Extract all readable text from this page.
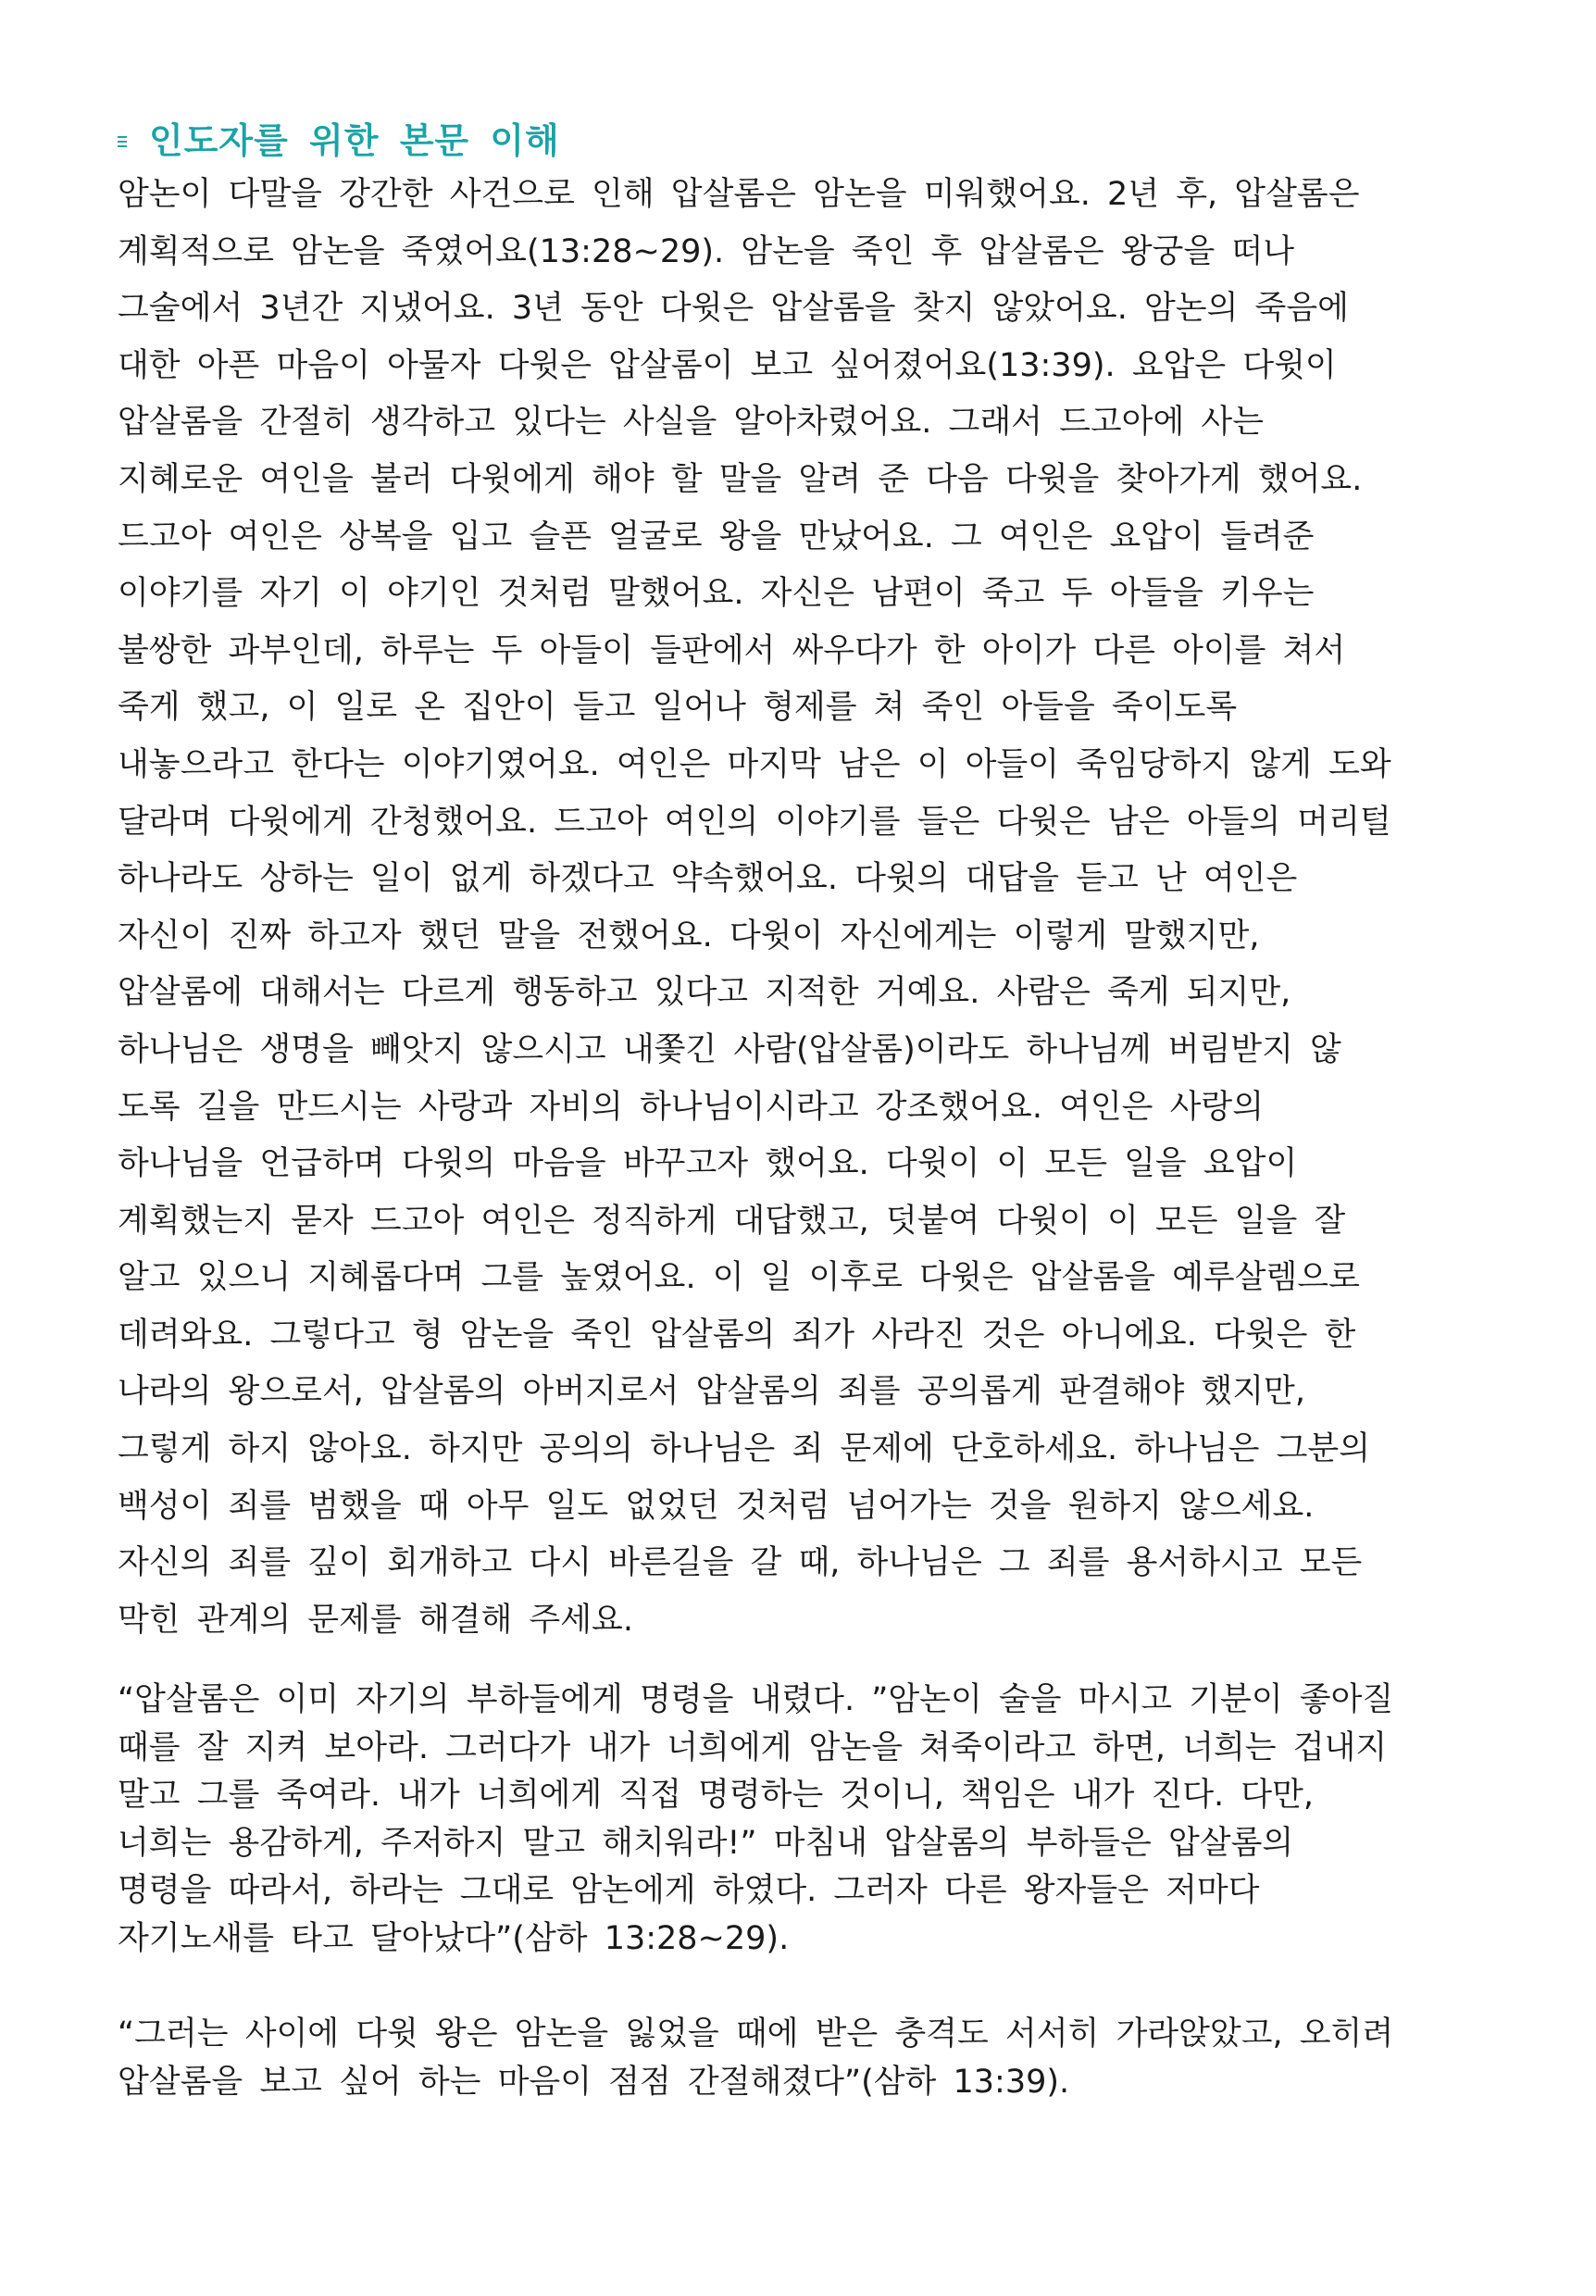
인도자를 위한 본문 이해
암논이 다말을 강간한 사건으로 인해 압살롬은 암논을 미워했어요. 2년 후, 압살롬은
계획적으로 암논을 죽였어요(13:28~29). 암논을 죽인 후 압살롬은 왕궁을 떠나
그술에서 3년간 지냈어요. 3년 동안 다윗은 압살롬을 찾지 않았어요. 암논의 죽음에
대한 아픈 마음이 아물자 다윗은 압살롬이 보고 싶어졌어요(13:39). 요압은 다윗이
압살롬을 간절히 생각하고 있다는 사실을 알아차렸어요. 그래서 드고아에 사는
지혜로운 여인을 불러 다윗에게 해야 할 말을 알려 준 다음 다윗을 찾아가게 했어요.
드고아 여인은 상복을 입고 슬픈 얼굴로 왕을 만났어요. 그 여인은 요압이 들려준
이야기를 자기 이 야기인 것처럼 말했어요. 자신은 남편이 죽고 두 아들을 키우는
불쌍한 과부인데, 하루는 두 아들이 들판에서 싸우다가 한 아이가 다른 아이를 쳐서
죽게 했고, 이 일로 온 집안이 들고 일어나 형제를 쳐 죽인 아들을 죽이도록
내놓으라고 한다는 이야기였어요. 여인은 마지막 남은 이 아들이 죽임당하지 않게 도와
달라며 다윗에게 간청했어요. 드고아 여인의 이야기를 들은 다윗은 남은 아들의 머리털
하나라도 상하는 일이 없게 하겠다고 약속했어요. 다윗의 대답을 듣고 난 여인은
자신이 진짜 하고자 했던 말을 전했어요. 다윗이 자신에게는 이렇게 말했지만,
압살롬에 대해서는 다르게 행동하고 있다고 지적한 거예요. 사람은 죽게 되지만,
하나님은 생명을 빼앗지 않으시고 내쫓긴 사람(압살롬)이라도 하나님께 버림받지 않
도록 길을 만드시는 사랑과 자비의 하나님이시라고 강조했어요. 여인은 사랑의
하나님을 언급하며 다윗의 마음을 바꾸고자 했어요. 다윗이 이 모든 일을 요압이
계획했는지 묻자 드고아 여인은 정직하게 대답했고, 덧붙여 다윗이 이 모든 일을 잘
알고 있으니 지혜롭다며 그를 높였어요. 이 일 이후로 다윗은 압살롬을 예루살렘으로
데려와요. 그렇다고 형 암논을 죽인 압살롬의 죄가 사라진 것은 아니에요. 다윗은 한
나라의 왕으로서, 압살롬의 아버지로서 압살롬의 죄를 공의롭게 판결해야 했지만,
그렇게 하지 않아요. 하지만 공의의 하나님은 죄 문제에 단호하세요. 하나님은 그분의
백성이 죄를 범했을 때 아무 일도 없었던 것처럼 넘어가는 것을 원하지 않으세요.
자신의 죄를 깊이 회개하고 다시 바른길을 갈 때, 하나님은 그 죄를 용서하시고 모든
막힌 관계의 문제를 해결해 주세요.
“압살롬은 이미 자기의 부하들에게 명령을 내렸다. ”암논이 술을 마시고 기분이 좋아질
때를 잘 지켜 보아라. 그러다가 내가 너희에게 암논을 쳐죽이라고 하면, 너희는 겁내지
말고 그를 죽여라. 내가 너희에게 직접 명령하는 것이니, 책임은 내가 진다. 다만,
너희는 용감하게, 주저하지 말고 해치워라!” 마침내 압살롬의 부하들은 압살롬의
명령을 따라서, 하라는 그대로 암논에게 하였다. 그러자 다른 왕자들은 저마다
자기노새를 타고 달아났다”(삼하 13:28~29).
“그러는 사이에 다윗 왕은 암논을 잃었을 때에 받은 충격도 서서히 가라앉았고, 오히려
압살롬을 보고 싶어 하는 마음이 점점 간절해졌다”(삼하 13:39).
